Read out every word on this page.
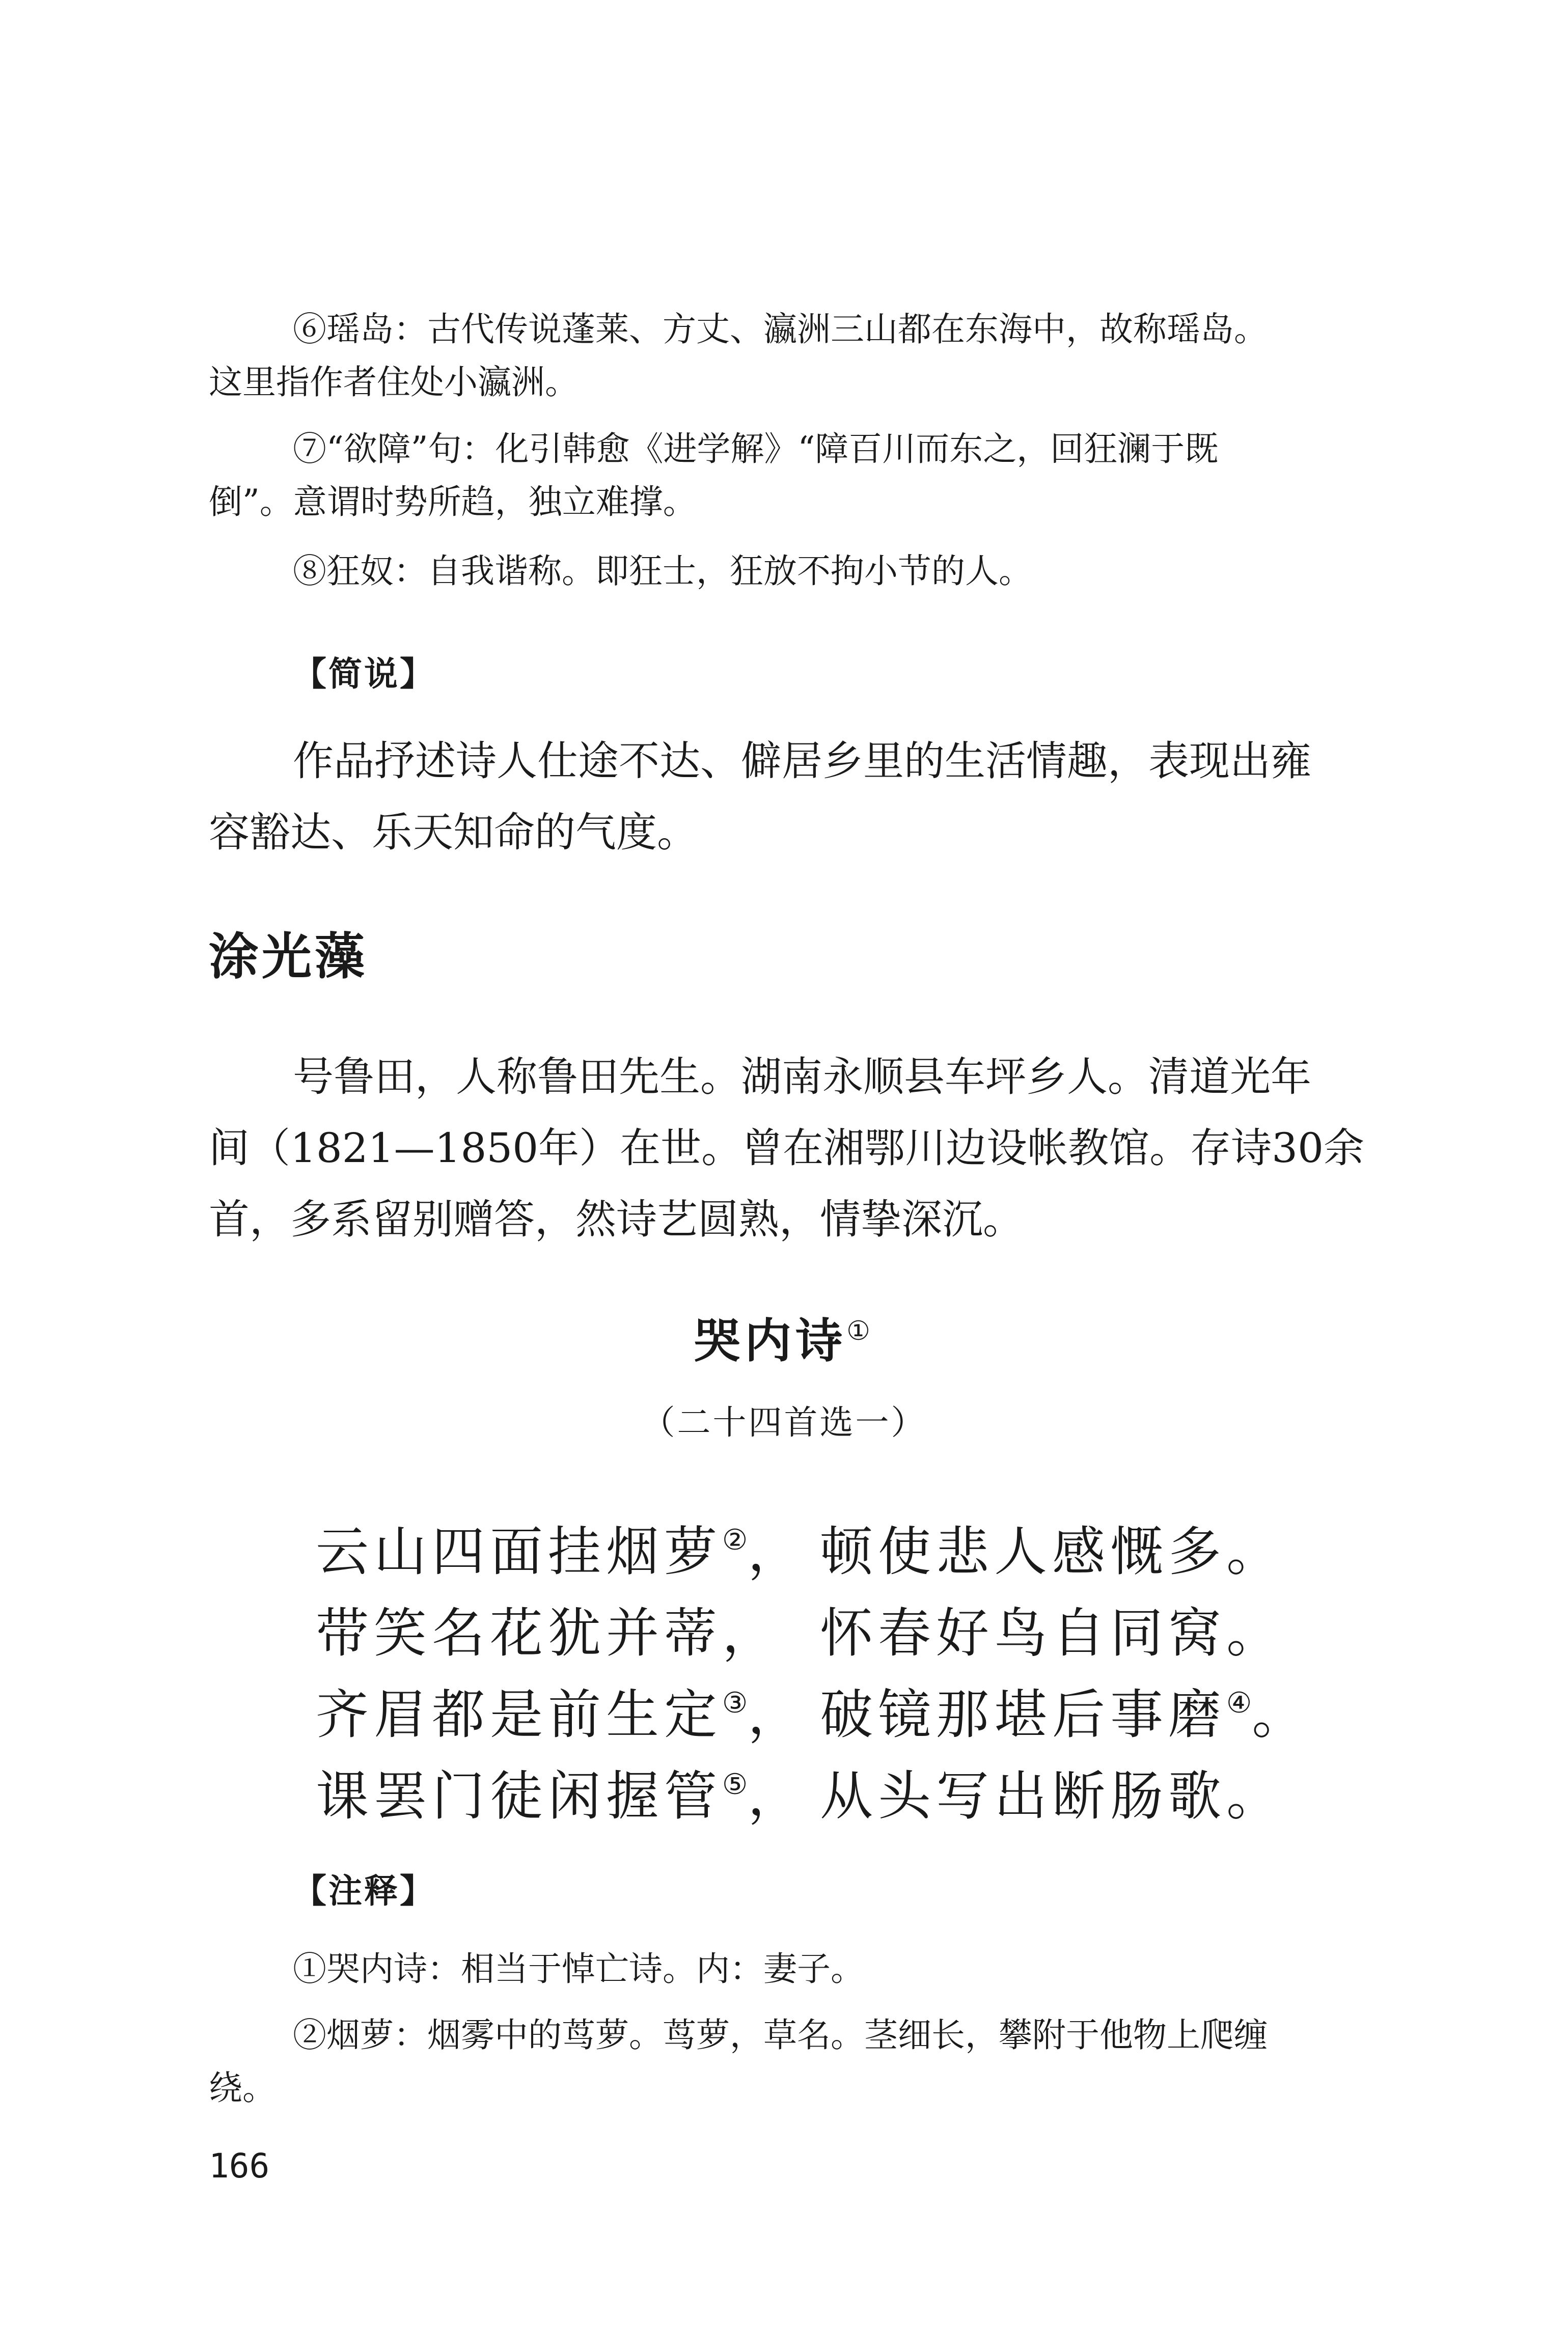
⑥瑶岛：古代传说蓬莱、方丈、瀛洲三山都在东海中，故称瑶岛。

这里指作者住处小瀛洲。

⑦“欲障”句：化引韩愈《进学解》“障百川而东之，回狂澜于既

倒”。意谓时势所趋，独立难撑。

⑧狂奴：自我谐称。即狂士，狂放不拘小节的人。

【简说】

作品抒述诗人仕途不达、僻居乡里的生活情趣，表现出雍

容豁达、乐天知命的气度。

涂光藻

号鲁田，人称鲁田先生。湖南永顺县车坪乡人。清道光年

间（1821—1850年）在世。曾在湘鄂川边设帐教馆。存诗30余

首，多系留别赠答，然诗艺圆熟，情挚深沉。

哭内诗①
（二十四首选一）
云山四面挂烟萝②， 顿使悲人感慨多。
带笑名花犹并蒂， 怀春好鸟自同窝。
齐眉都是前生定③， 破镜那堪后事磨④。
课罢门徒闲握管⑤， 从头写出断肠歌。
【注释】

①哭内诗：相当于悼亡诗。内：妻子。

②烟萝：烟雾中的茑萝。茑萝，草名。茎细长，攀附于他物上爬缠

绕。

166
